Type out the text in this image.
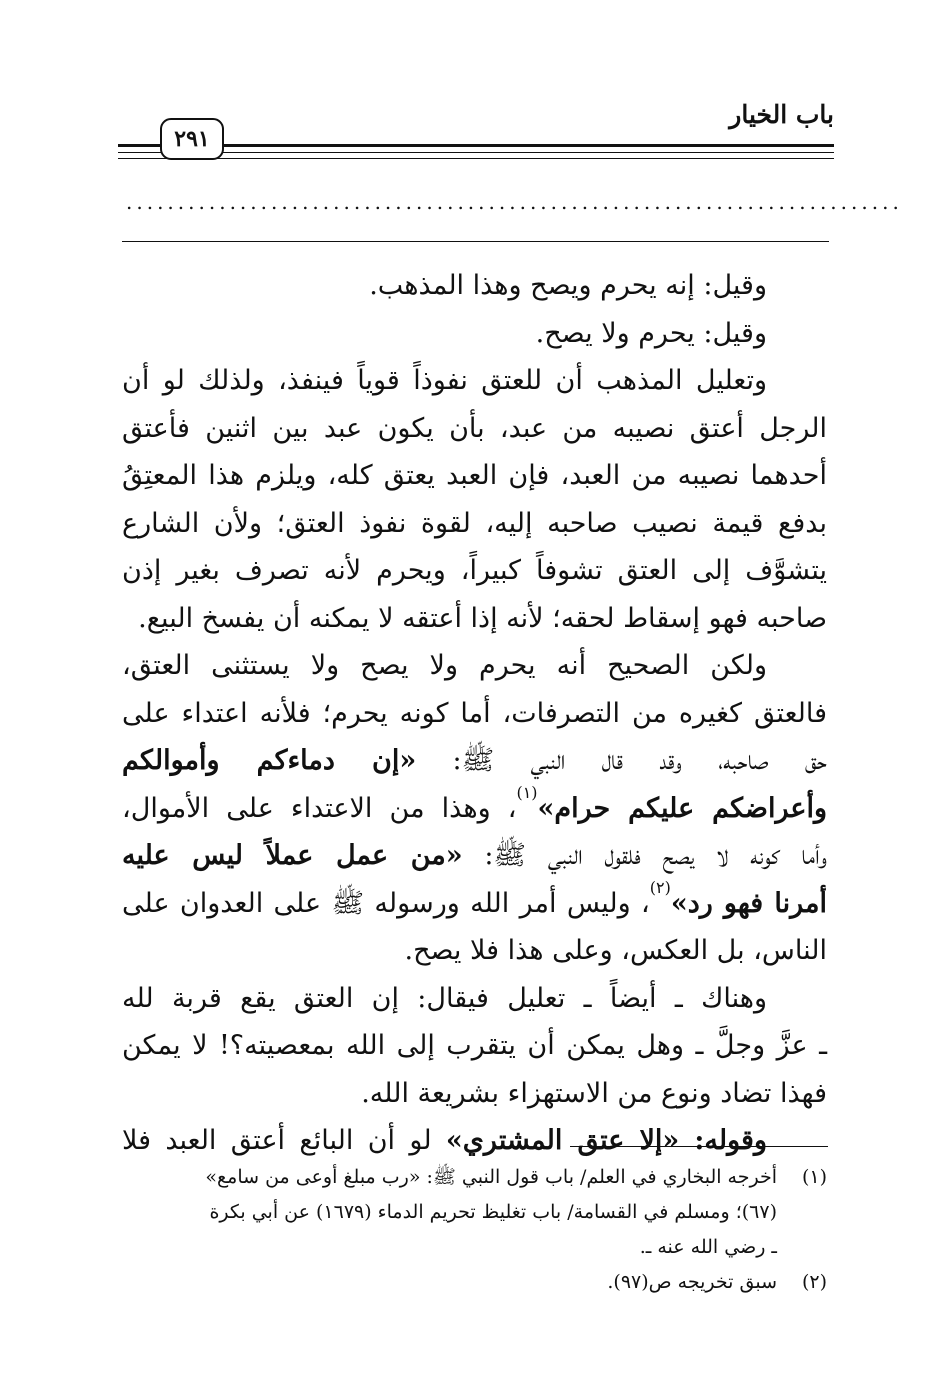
باب الخيار
٢٩١
...........................................................................
وقيل: إنه يحرم ويصح وهذا المذهب.
وقيل: يحرم ولا يصح.
وتعليل المذهب أن للعتق نفوذاً قوياً فينفذ، ولذلك لو أن
الرجل أعتق نصيبه من عبد، بأن يكون عبد بين اثنين فأعتق
أحدهما نصيبه من العبد، فإن العبد يعتق كله، ويلزم هذا المعتِقُ
بدفع قيمة نصيب صاحبه إليه، لقوة نفوذ العتق؛ ولأن الشارع
يتشوَّف إلى العتق تشوفاً كبيراً، ويحرم لأنه تصرف بغير إذن
صاحبه فهو إسقاط لحقه؛ لأنه إذا أعتقه لا يمكنه أن يفسخ البيع.
ولكن الصحيح أنه يحرم ولا يصح ولا يستثنى العتق،
فالعتق كغيره من التصرفات، أما كونه يحرم؛ فلأنه اعتداء على
حق صاحبه، وقد قال النبي ﷺ: «إن دماءكم وأموالكم
وأعراضكم عليكم حرام»$^{(١)}$، وهذا من الاعتداء على الأموال،
وأما كونه لا يصح فلقول النبي ﷺ: «من عمل عملاً ليس عليه
أمرنا فهو رد»$^{(٢)}$، وليس أمر الله ورسوله ﷺ على العدوان على
الناس، بل العكس، وعلى هذا فلا يصح.
وهناك ـ أيضاً ـ تعليل فيقال: إن العتق يقع قربة لله
ـ عزَّ وجلَّ ـ وهل يمكن أن يتقرب إلى الله بمعصيته؟! لا يمكن
فهذا تضاد ونوع من الاستهزاء بشريعة الله.
وقوله: «إلا عتق المشتري» لو أن البائع أعتق العبد فلا
(١)
أخرجه البخاري في العلم/ باب قول النبي ﷺ: «رب مبلغ أوعى من سامع»
(٦٧)؛ ومسلم في القسامة/ باب تغليظ تحريم الدماء (١٦٧٩) عن أبي بكرة
ـ رضي الله عنه ـ.
(٢)
سبق تخريجه ص(٩٧).
